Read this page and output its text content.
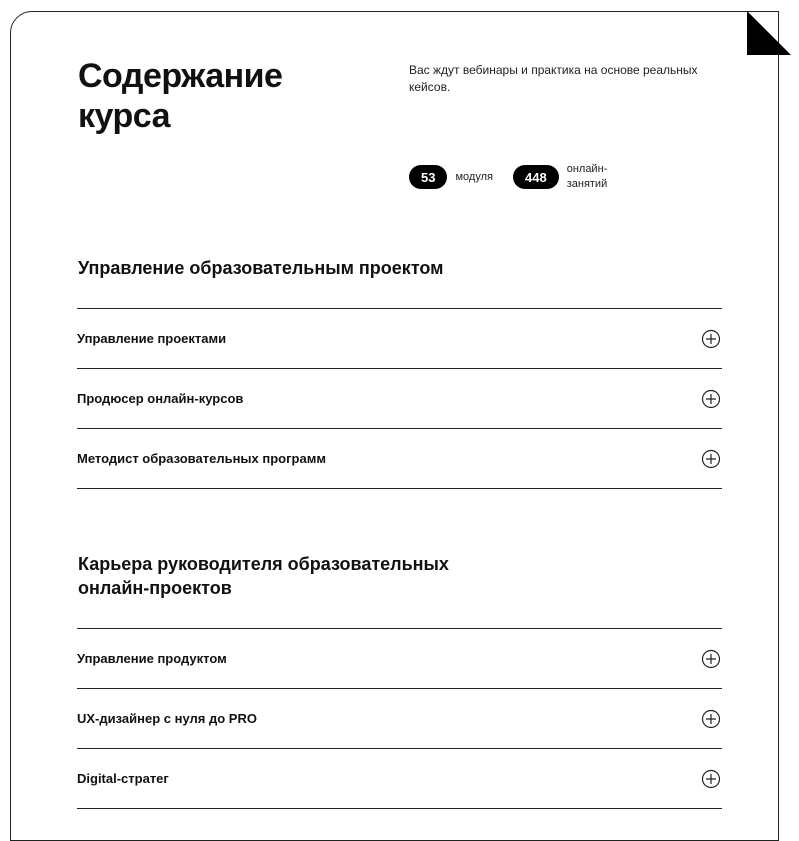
Содержание курса
Вас ждут вебинары и практика на основе реальных кейсов.
53	модуля	448
онлайн-занятий
Управление образовательным проектом
Управление проектами
Продюсер онлайн-курсов
Методист образовательных программ
Карьера руководителя образовательных онлайн-проектов
Управление продуктом
UX-дизайнер с нуля до PRO
Digital-стратег
